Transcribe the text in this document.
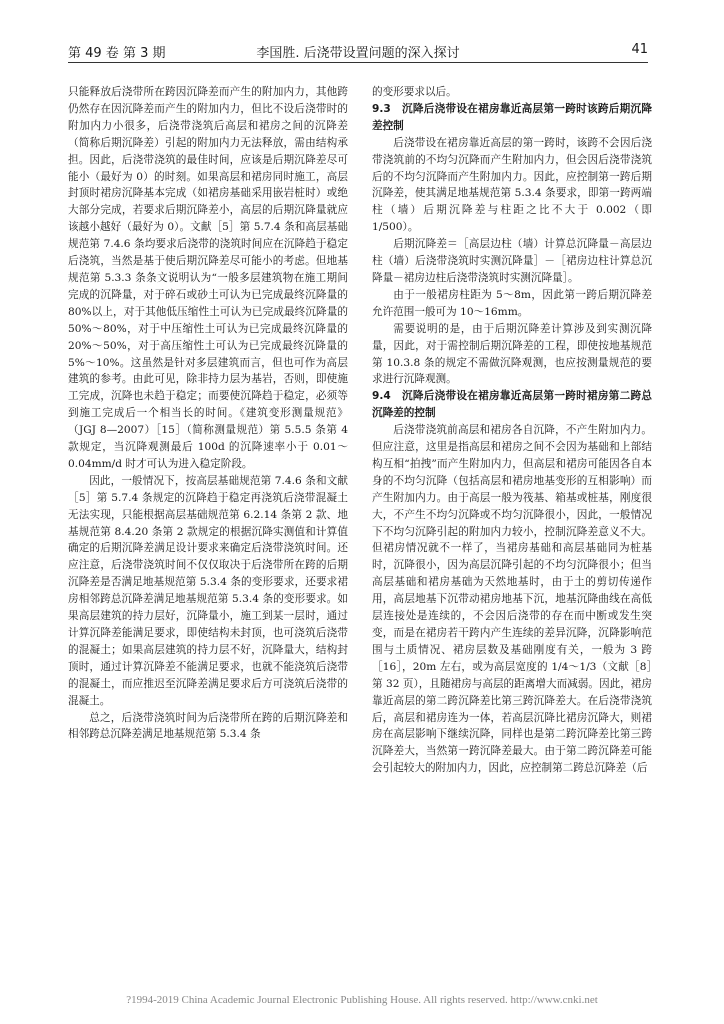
第 49 卷 第 3 期	李国胜. 后浇带设置问题的深入探讨	41

只能释放后浇带所在跨因沉降差而产生的附加内力，其他跨仍然存在因沉降差而产生的附加内力，但比不设后浇带时的附加内力小很多，后浇带浇筑后高层和裙房之间的沉降差（简称后期沉降差）引起的附加内力无法释放，需由结构承担。因此，后浇带浇筑的最佳时间，应该是后期沉降差尽可能小（最好为 0）的时刻。如果高层和裙房同时施工，高层封顶时裙房沉降基本完成（如裙房基础采用嵌岩桩时）或绝大部分完成，若要求后期沉降差小，高层的后期沉降量就应该越小越好（最好为 0）。文献［5］第 5.7.4 条和高层基础规范第 7.4.6 条均要求后浇带的浇筑时间应在沉降趋于稳定后浇筑，当然是基于使后期沉降差尽可能小的考虑。但地基规范第 5.3.3 条条文说明认为“一般多层建筑物在施工期间完成的沉降量，对于碎石或砂土可认为已完成最终沉降量的 80%以上，对于其他低压缩性土可认为已完成最终沉降量的 50%～80%，对于中压缩性土可认为已完成最终沉降量的 20%～50%，对于高压缩性土可认为已完成最终沉降量的 5%～10%。这虽然是针对多层建筑而言，但也可作为高层建筑的参考。由此可见，除非持力层为基岩，否则，即使施工完成，沉降也未趋于稳定；而要使沉降趋于稳定，必须等到施工完成后一个相当长的时间。《建筑变形测量规范》（JGJ 8—2007）［15］（简称测量规范）第 5.5.5 条第 4 款规定，当沉降观测最后 100d 的沉降速率小于 0.01～0.04mm/d 时才可认为进入稳定阶段。

因此，一般情况下，按高层基础规范第 7.4.6 条和文献［5］第 5.7.4 条规定的沉降趋于稳定再浇筑后浇带混凝土无法实现，只能根据高层基础规范第 6.2.14 条第 2 款、地基规范第 8.4.20 条第 2 款规定的根据沉降实测值和计算值确定的后期沉降差满足设计要求来确定后浇带浇筑时间。还应注意，后浇带浇筑时间不仅仅取决于后浇带所在跨的后期沉降差是否满足地基规范第 5.3.4 条的变形要求，还要求裙房相邻跨总沉降差满足地基规范第 5.3.4 条的变形要求。如果高层建筑的持力层好，沉降量小，施工到某一层时，通过计算沉降差能满足要求，即使结构未封顶，也可浇筑后浇带的混凝土；如果高层建筑的持力层不好，沉降量大，结构封顶时，通过计算沉降差不能满足要求，也就不能浇筑后浇带的混凝土，而应推迟至沉降差满足要求后方可浇筑后浇带的混凝土。

总之，后浇带浇筑时间为后浇带所在跨的后期沉降差和相邻跨总沉降差满足地基规范第 5.3.4 条

的变形要求以后。

9.3　沉降后浇带设在裙房靠近高层第一跨时该跨后期沉降差控制

后浇带设在裙房靠近高层的第一跨时，该跨不会因后浇带浇筑前的不均匀沉降而产生附加内力，但会因后浇带浇筑后的不均匀沉降而产生附加内力。因此，应控制第一跨后期沉降差，使其满足地基规范第 5.3.4 条要求，即第一跨两端柱（墙）后期沉降差与柱距之比不大于 0.002（即 1/500）。

后期沉降差＝［高层边柱（墙）计算总沉降量－高层边柱（墙）后浇带浇筑时实测沉降量］－［裙房边柱计算总沉降量－裙房边柱后浇带浇筑时实测沉降量］。

由于一般裙房柱距为 5～8m，因此第一跨后期沉降差允许范围一般可为 10～16mm。

需要说明的是，由于后期沉降差计算涉及到实测沉降量，因此，对于需控制后期沉降差的工程，即使按地基规范第 10.3.8 条的规定不需做沉降观测，也应按测量规范的要求进行沉降观测。

9.4　沉降后浇带设在裙房靠近高层第一跨时裙房第二跨总沉降差的控制

后浇带浇筑前高层和裙房各自沉降，不产生附加内力。但应注意，这里是指高层和裙房之间不会因为基础和上部结构互相“拍拽”而产生附加内力，但高层和裙房可能因各自本身的不均匀沉降（包括高层和裙房地基变形的互相影响）而产生附加内力。由于高层一般为筏基、箱基或桩基，刚度很大，不产生不均匀沉降或不均匀沉降很小，因此，一般情况下不均匀沉降引起的附加内力较小，控制沉降差意义不大。但裙房情况就不一样了，当裙房基础和高层基础同为桩基时，沉降很小，因为高层沉降引起的不均匀沉降很小；但当高层基础和裙房基础为天然地基时，由于土的剪切传递作用，高层地基下沉带动裙房地基下沉，地基沉降曲线在高低层连接处是连续的，不会因后浇带的存在而中断或发生突变，而是在裙房若干跨内产生连续的差异沉降，沉降影响范围与土质情况、裙房层数及基础刚度有关，一般为 3 跨［16］，20m 左右，或为高层宽度的 1/4～1/3（文献［8］第 32 页），且随裙房与高层的距离增大而减弱。因此，裙房靠近高层的第二跨沉降差比第三跨沉降差大。在后浇带浇筑后，高层和裙房连为一体，若高层沉降比裙房沉降大，则裙房在高层影响下继续沉降，同样也是第二跨沉降差比第三跨沉降差大，当然第一跨沉降差最大。由于第二跨沉降差可能会引起较大的附加内力，因此，应控制第二跨总沉降差（后

?1994-2019 China Academic Journal Electronic Publishing House. All rights reserved. http://www.cnki.net
